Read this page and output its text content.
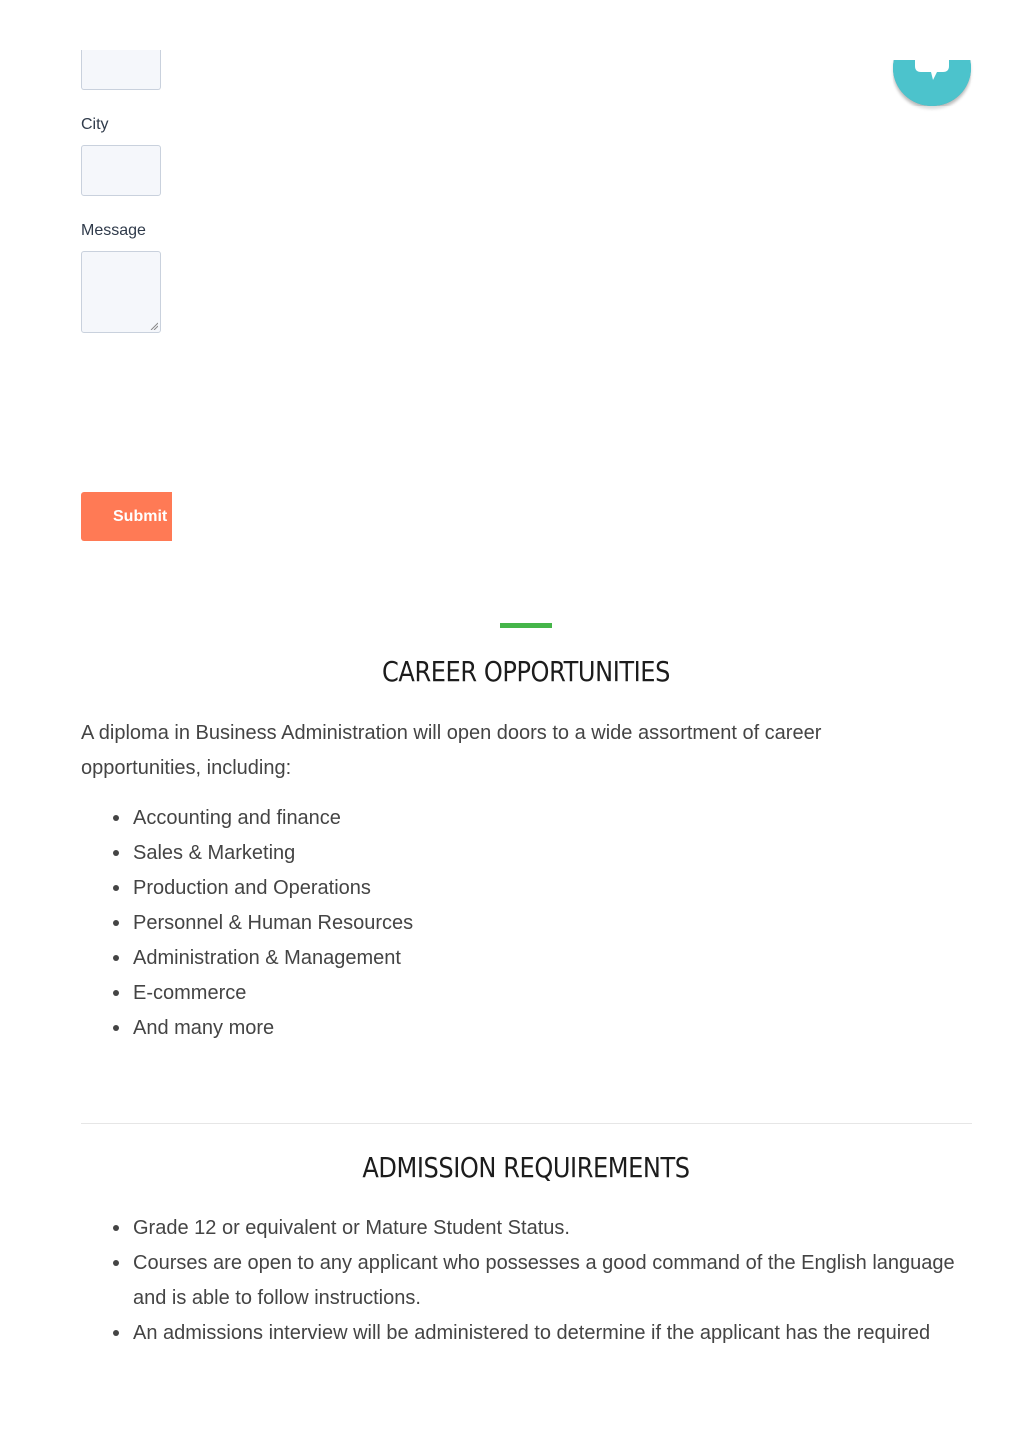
City
Message
Submit
CAREER OPPORTUNITIES

A diploma in Business Administration will open doors to a wide assortment of career opportunities, including:

Accounting and finance
Sales & Marketing
Production and Operations
Personnel & Human Resources
Administration & Management
E-commerce
And many more
ADMISSION REQUIREMENTS
Grade 12 or equivalent or Mature Student Status.
Courses are open to any applicant who possesses a good command of the English language and is able to follow instructions.
An admissions interview will be administered to determine if the applicant has the required
